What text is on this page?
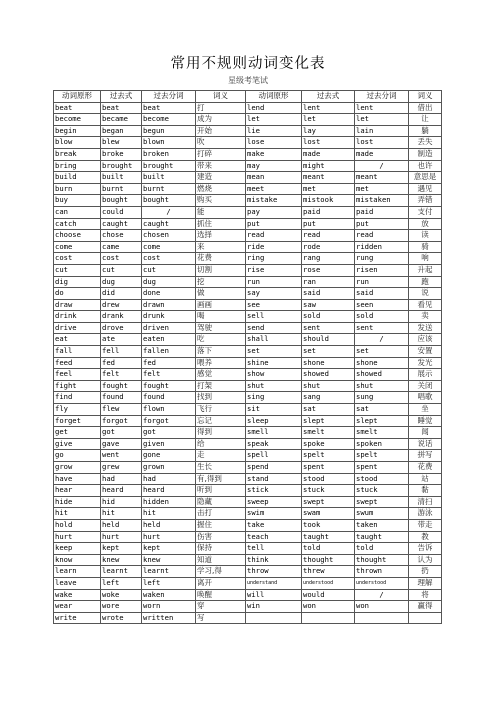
常用不规则动词变化表
星级考笔试
动词原形	过去式	过去分词	词义	动词原形	过去式	过去分词	词义
beat	beat	beat	打	lend	lent	lent	借出
become	became	become	成为	let	let	let	让
begin	began	begun	开始	lie	lay	lain	躺
blow	blew	blown	吹	lose	lost	lost	丢失
break	broke	broken	打碎	make	made	made	制造
bring	brought	brought	带来	may	might	/	也许
build	built	built	建造	mean	meant	meant	意思是
burn	burnt	burnt	燃烧	meet	met	met	遇见
buy	bought	bought	购买	mistake	mistook	mistaken	弄错
can	could	/	能	pay	paid	paid	支付
catch	caught	caught	抓住	put	put	put	放
choose	chose	chosen	选择	read	read	read	读
come	came	come	来	ride	rode	ridden	骑
cost	cost	cost	花费	ring	rang	rung	响
cut	cut	cut	切割	rise	rose	risen	升起
dig	dug	dug	挖	run	ran	run	跑
do	did	done	做	say	said	said	说
draw	drew	drawn	画画	see	saw	seen	看见
drink	drank	drunk	喝	sell	sold	sold	卖
drive	drove	driven	驾驶	send	sent	sent	发送
eat	ate	eaten	吃	shall	should	/	应该
fall	fell	fallen	落下	set	set	set	安置
feed	fed	fed	喂养	shine	shone	shone	发光
feel	felt	felt	感觉	show	showed	showed	展示
fight	fought	fought	打架	shut	shut	shut	关闭
find	found	found	找到	sing	sang	sung	唱歌
fly	flew	flown	飞行	sit	sat	sat	坐
forget	forgot	forgot	忘记	sleep	slept	slept	睡觉
get	got	got	得到	smell	smelt	smelt	闻
give	gave	given	给	speak	spoke	spoken	说话
go	went	gone	走	spell	spelt	spelt	拼写
grow	grew	grown	生长	spend	spent	spent	花费
have	had	had	有,得到	stand	stood	stood	站
hear	heard	heard	听到	stick	stuck	stuck	黏
hide	hid	hidden	隐藏	sweep	swept	swept	清扫
hit	hit	hit	击打	swim	swam	swum	游泳
hold	held	held	握住	take	took	taken	带走
hurt	hurt	hurt	伤害	teach	taught	taught	教
keep	kept	kept	保持	tell	told	told	告诉
know	knew	knew	知道	think	thought	thought	认为
learn	learnt	learnt	学习,得	throw	threw	thrown	扔
leave	left	left	离开	understand	understood	understood	理解
wake	woke	waken	唤醒	will	would	/	将
wear	wore	worn	穿	win	won	won	赢得
write	wrote	written	写				
